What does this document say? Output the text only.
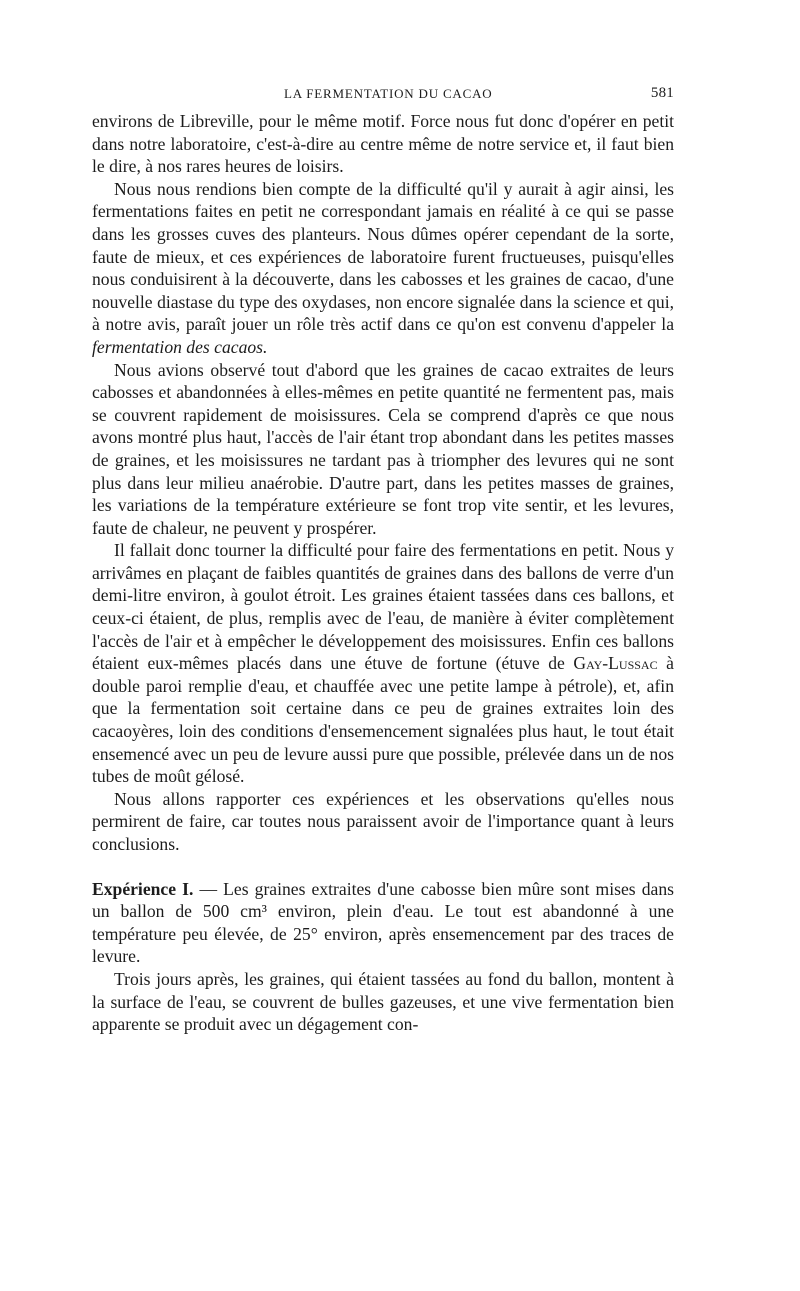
LA FERMENTATION DU CACAO	581

environs de Libreville, pour le même motif. Force nous fut donc d'opérer en petit dans notre laboratoire, c'est-à-dire au centre même de notre service et, il faut bien le dire, à nos rares heures de loisirs.

Nous nous rendions bien compte de la difficulté qu'il y aurait à agir ainsi, les fermentations faites en petit ne correspondant jamais en réalité à ce qui se passe dans les grosses cuves des planteurs. Nous dûmes opérer cependant de la sorte, faute de mieux, et ces expériences de laboratoire furent fructueuses, puisqu'elles nous conduisirent à la découverte, dans les cabosses et les graines de cacao, d'une nouvelle diastase du type des oxydases, non encore signalée dans la science et qui, à notre avis, paraît jouer un rôle très actif dans ce qu'on est convenu d'appeler la fermentation des cacaos.

Nous avions observé tout d'abord que les graines de cacao extraites de leurs cabosses et abandonnées à elles-mêmes en petite quantité ne fermentent pas, mais se couvrent rapidement de moisissures. Cela se comprend d'après ce que nous avons montré plus haut, l'accès de l'air étant trop abondant dans les petites masses de graines, et les moisissures ne tardant pas à triompher des levures qui ne sont plus dans leur milieu anaérobie. D'autre part, dans les petites masses de graines, les variations de la température extérieure se font trop vite sentir, et les levures, faute de chaleur, ne peuvent y prospérer.

Il fallait donc tourner la difficulté pour faire des fermentations en petit. Nous y arrivâmes en plaçant de faibles quantités de graines dans des ballons de verre d'un demi-litre environ, à goulot étroit. Les graines étaient tassées dans ces ballons, et ceux-ci étaient, de plus, remplis avec de l'eau, de manière à éviter complètement l'accès de l'air et à empêcher le développement des moisissures. Enfin ces ballons étaient eux-mêmes placés dans une étuve de fortune (étuve de Gay-Lussac à double paroi remplie d'eau, et chauffée avec une petite lampe à pétrole), et, afin que la fermentation soit certaine dans ce peu de graines extraites loin des cacaoyères, loin des conditions d'ensemencement signalées plus haut, le tout était ensemencé avec un peu de levure aussi pure que possible, prélevée dans un de nos tubes de moût gélosé.

Nous allons rapporter ces expériences et les observations qu'elles nous permirent de faire, car toutes nous paraissent avoir de l'importance quant à leurs conclusions.

Expérience I. — Les graines extraites d'une cabosse bien mûre sont mises dans un ballon de 500 cm³ environ, plein d'eau. Le tout est abandonné à une température peu élevée, de 25° environ, après ensemencement par des traces de levure.

Trois jours après, les graines, qui étaient tassées au fond du ballon, montent à la surface de l'eau, se couvrent de bulles gazeuses, et une vive fermentation bien apparente se produit avec un dégagement con-
